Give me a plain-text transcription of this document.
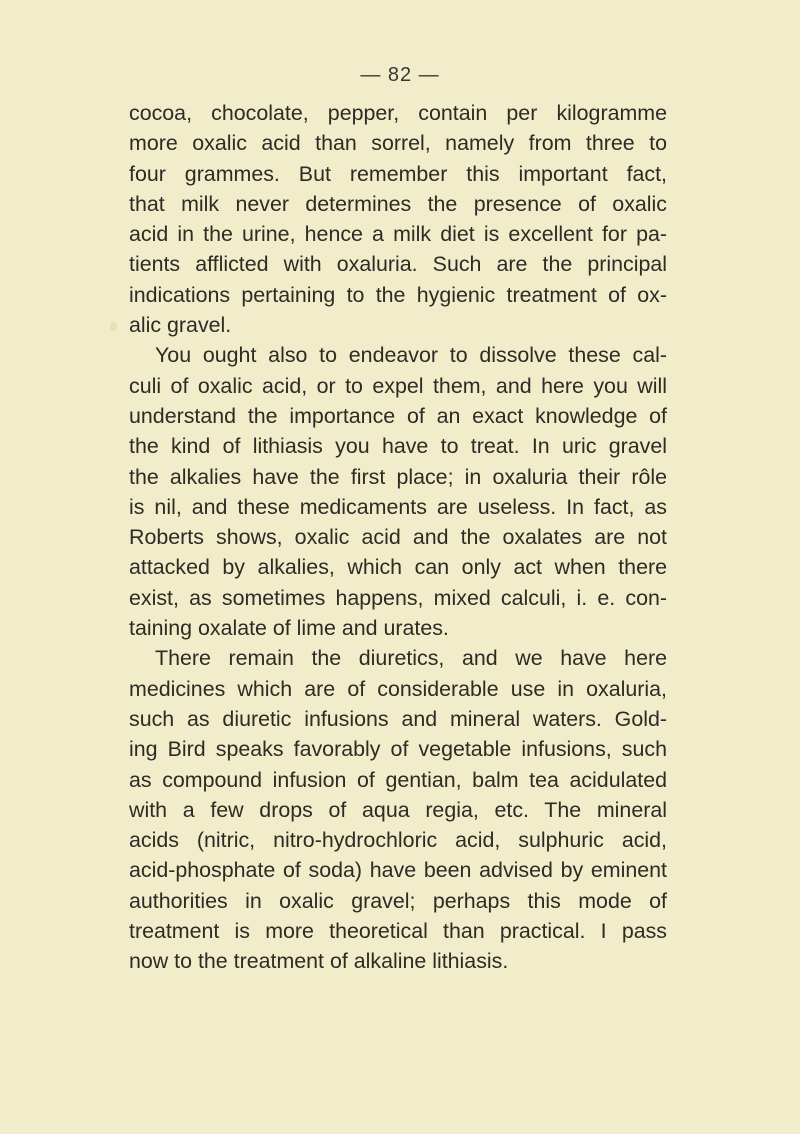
— 82 —
cocoa, chocolate, pepper, contain per kilogramme
more oxalic acid than sorrel, namely from three to
four grammes. But remember this important fact,
that milk never determines the presence of oxalic
acid in the urine, hence a milk diet is excellent for pa-
tients afflicted with oxaluria. Such are the principal
indications pertaining to the hygienic treatment of ox-
alic gravel.
You ought also to endeavor to dissolve these cal-
culi of oxalic acid, or to expel them, and here you will
understand the importance of an exact knowledge of
the kind of lithiasis you have to treat. In uric gravel
the alkalies have the first place; in oxaluria their rôle
is nil, and these medicaments are useless. In fact, as
Roberts shows, oxalic acid and the oxalates are not
attacked by alkalies, which can only act when there
exist, as sometimes happens, mixed calculi, i. e. con-
taining oxalate of lime and urates.
There remain the diuretics, and we have here
medicines which are of considerable use in oxaluria,
such as diuretic infusions and mineral waters. Gold-
ing Bird speaks favorably of vegetable infusions, such
as compound infusion of gentian, balm tea acidulated
with a few drops of aqua regia, etc. The mineral
acids (nitric, nitro-hydrochloric acid, sulphuric acid,
acid-phosphate of soda) have been advised by eminent
authorities in oxalic gravel; perhaps this mode of
treatment is more theoretical than practical. I pass
now to the treatment of alkaline lithiasis.
